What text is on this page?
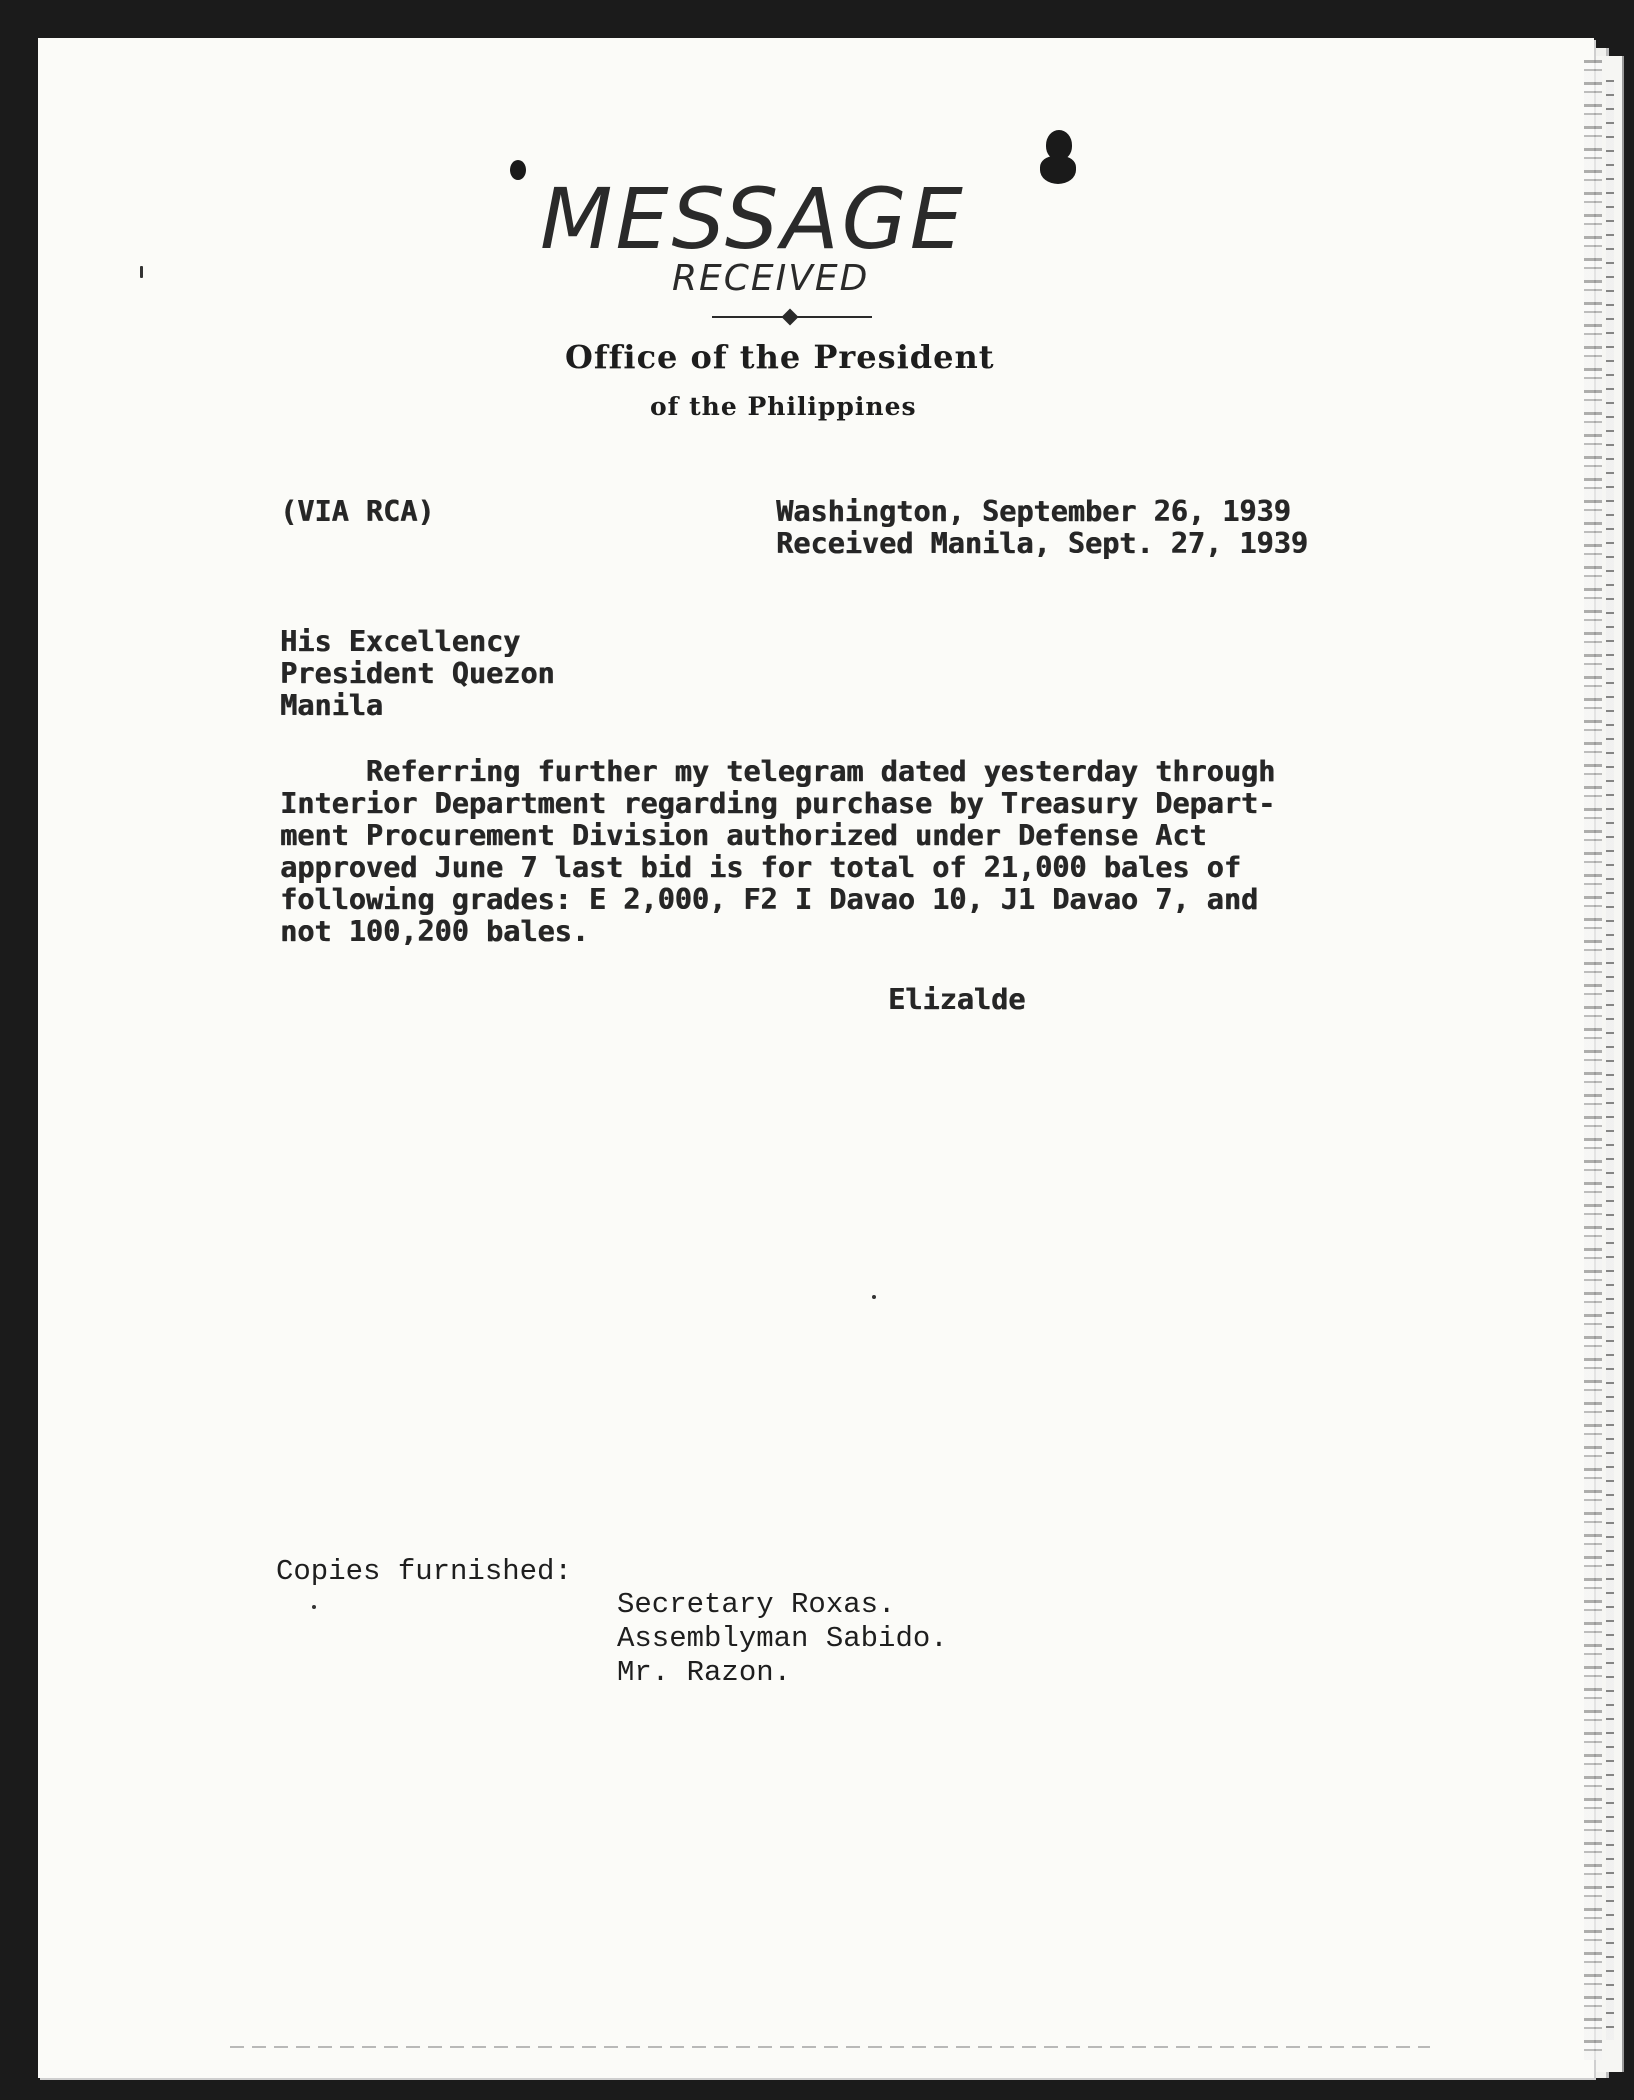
MESSAGE
RECEIVED
Office of the President
of the Philippines
(VIA RCA)	Washington, September 26, 1939
Received Manila, Sept. 27, 1939
His Excellency
President Quezon
Manila
Referring further my telegram dated yesterday through
Interior Department regarding purchase by Treasury Depart-
ment Procurement Division authorized under Defense Act
approved June 7 last bid is for total of 21,000 bales of
following grades: E 2,000, F2 I Davao 10, J1 Davao 7, and
not 100,200 bales.
Elizalde
Copies furnished:
Secretary Roxas.
Assemblyman Sabido.
Mr. Razon.
